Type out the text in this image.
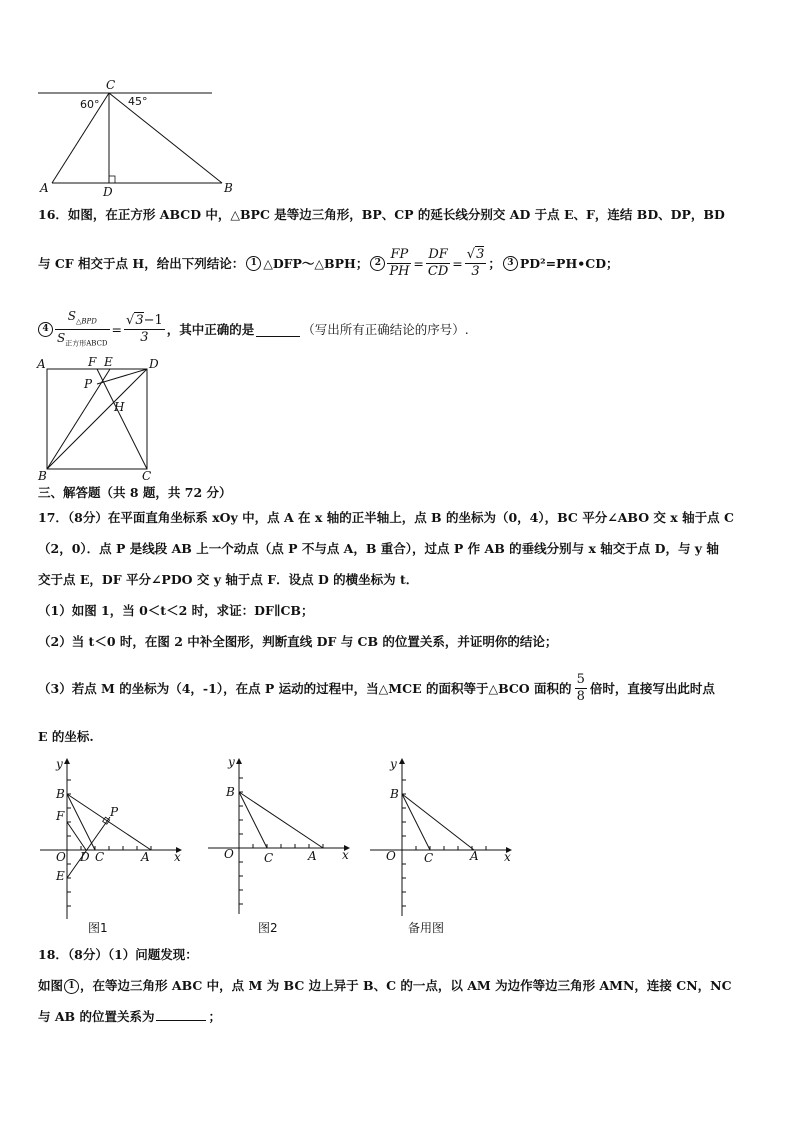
C
A	D	B
60°	45°
16．如图，在正方形 ABCD 中，△BPC 是等边三角形，BP、CP 的延长线分别交 AD 于点 E、F，连结 BD、DP，BD
与 CF 相交于点 H，给出下列结论： 1 △DFP～△BPH； $2 \frac{FP}{PH} = \frac{DF}{CD} = \frac{√3}{3}$ ； 3 PD²=PH•CD；
$4 \frac{S_{\triangle BPD}}{S_{正方形ABCD}} = \frac{√3-1}{3}$ ，其中正确的是	（写出所有正确结论的序号）.
A	F E	D
P
H
B	C
三、解答题（共 8 题，共 72 分）
17．（8分）在平面直角坐标系 xOy 中，点 A 在 x 轴的正半轴上，点 B 的坐标为（0，4），BC 平分∠ABO 交 x 轴于点 C
（2，0）．点 P 是线段 AB 上一个动点（点 P 不与点 A，B 重合），过点 P 作 AB 的垂线分别与 x 轴交于点 D，与 y 轴
交于点 E，DF 平分∠PDO 交 y 轴于点 F．设点 D 的横坐标为 t．
（1）如图 1，当 0＜t＜2 时，求证：DF∥CB；
（2）当 t＜0 时，在图 2 中补全图形，判断直线 DF 与 CB 的位置关系，并证明你的结论；
（3）若点 M 的坐标为（4，-1），在点 P 运动的过程中，当△MCE 的面积等于△BCO 面积的 $\frac{5}{8}$ 倍时，直接写出此时点
E 的坐标.
y
x
B
F
O D C	A
E
P
图1
y
x
B
O	C	A
图2
y
x
B
O C	A
备用图
18．（8分）（1）问题发现：
如图 1 ，在等边三角形 ABC 中，点 M 为 BC 边上异于 B、C 的一点，以 AM 为边作等边三角形 AMN，连接 CN，NC
与 AB 的位置关系为	；
